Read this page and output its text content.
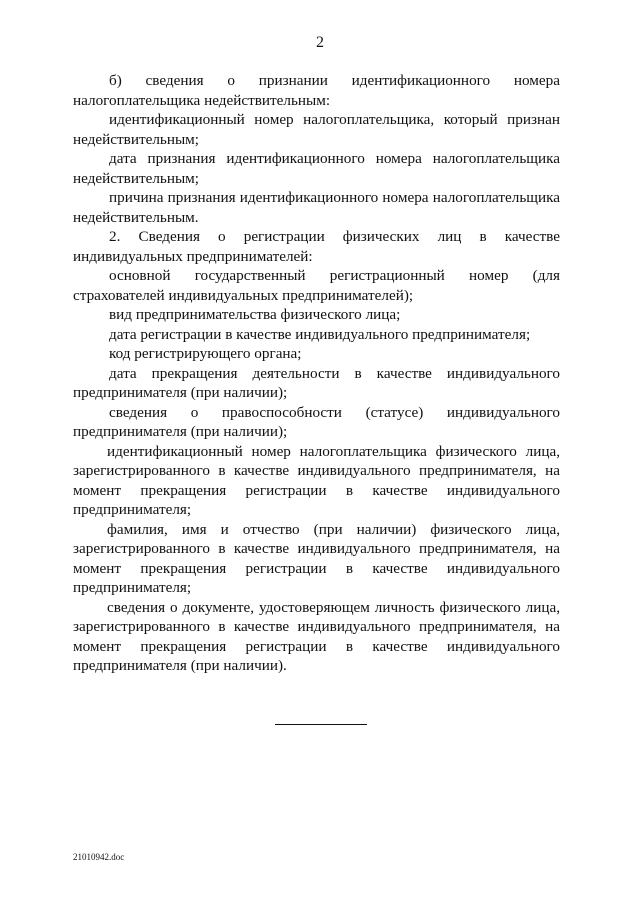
2

б) сведения о признании идентификационного номера налогоплательщика недействительным:

идентификационный номер налогоплательщика, который признан недействительным;

дата признания идентификационного номера налогоплательщика недействительным;

причина признания идентификационного номера налогоплательщика недействительным.

2. Сведения о регистрации физических лиц в качестве индивидуальных предпринимателей:

основной государственный регистрационный номер (для страхователей индивидуальных предпринимателей);

вид предпринимательства физического лица;

дата регистрации в качестве индивидуального предпринимателя;

код регистрирующего органа;

дата прекращения деятельности в качестве индивидуального предпринимателя (при наличии);

сведения о правоспособности (статусе) индивидуального предпринимателя (при наличии);

идентификационный номер налогоплательщика физического лица, зарегистрированного в качестве индивидуального предпринимателя, на момент прекращения регистрации в качестве индивидуального предпринимателя;

фамилия, имя и отчество (при наличии) физического лица, зарегистрированного в качестве индивидуального предпринимателя, на момент прекращения регистрации в качестве индивидуального предпринимателя;

сведения о документе, удостоверяющем личность физического лица, зарегистрированного в качестве индивидуального предпринимателя, на момент прекращения регистрации в качестве индивидуального предпринимателя (при наличии).

21010942.doc
